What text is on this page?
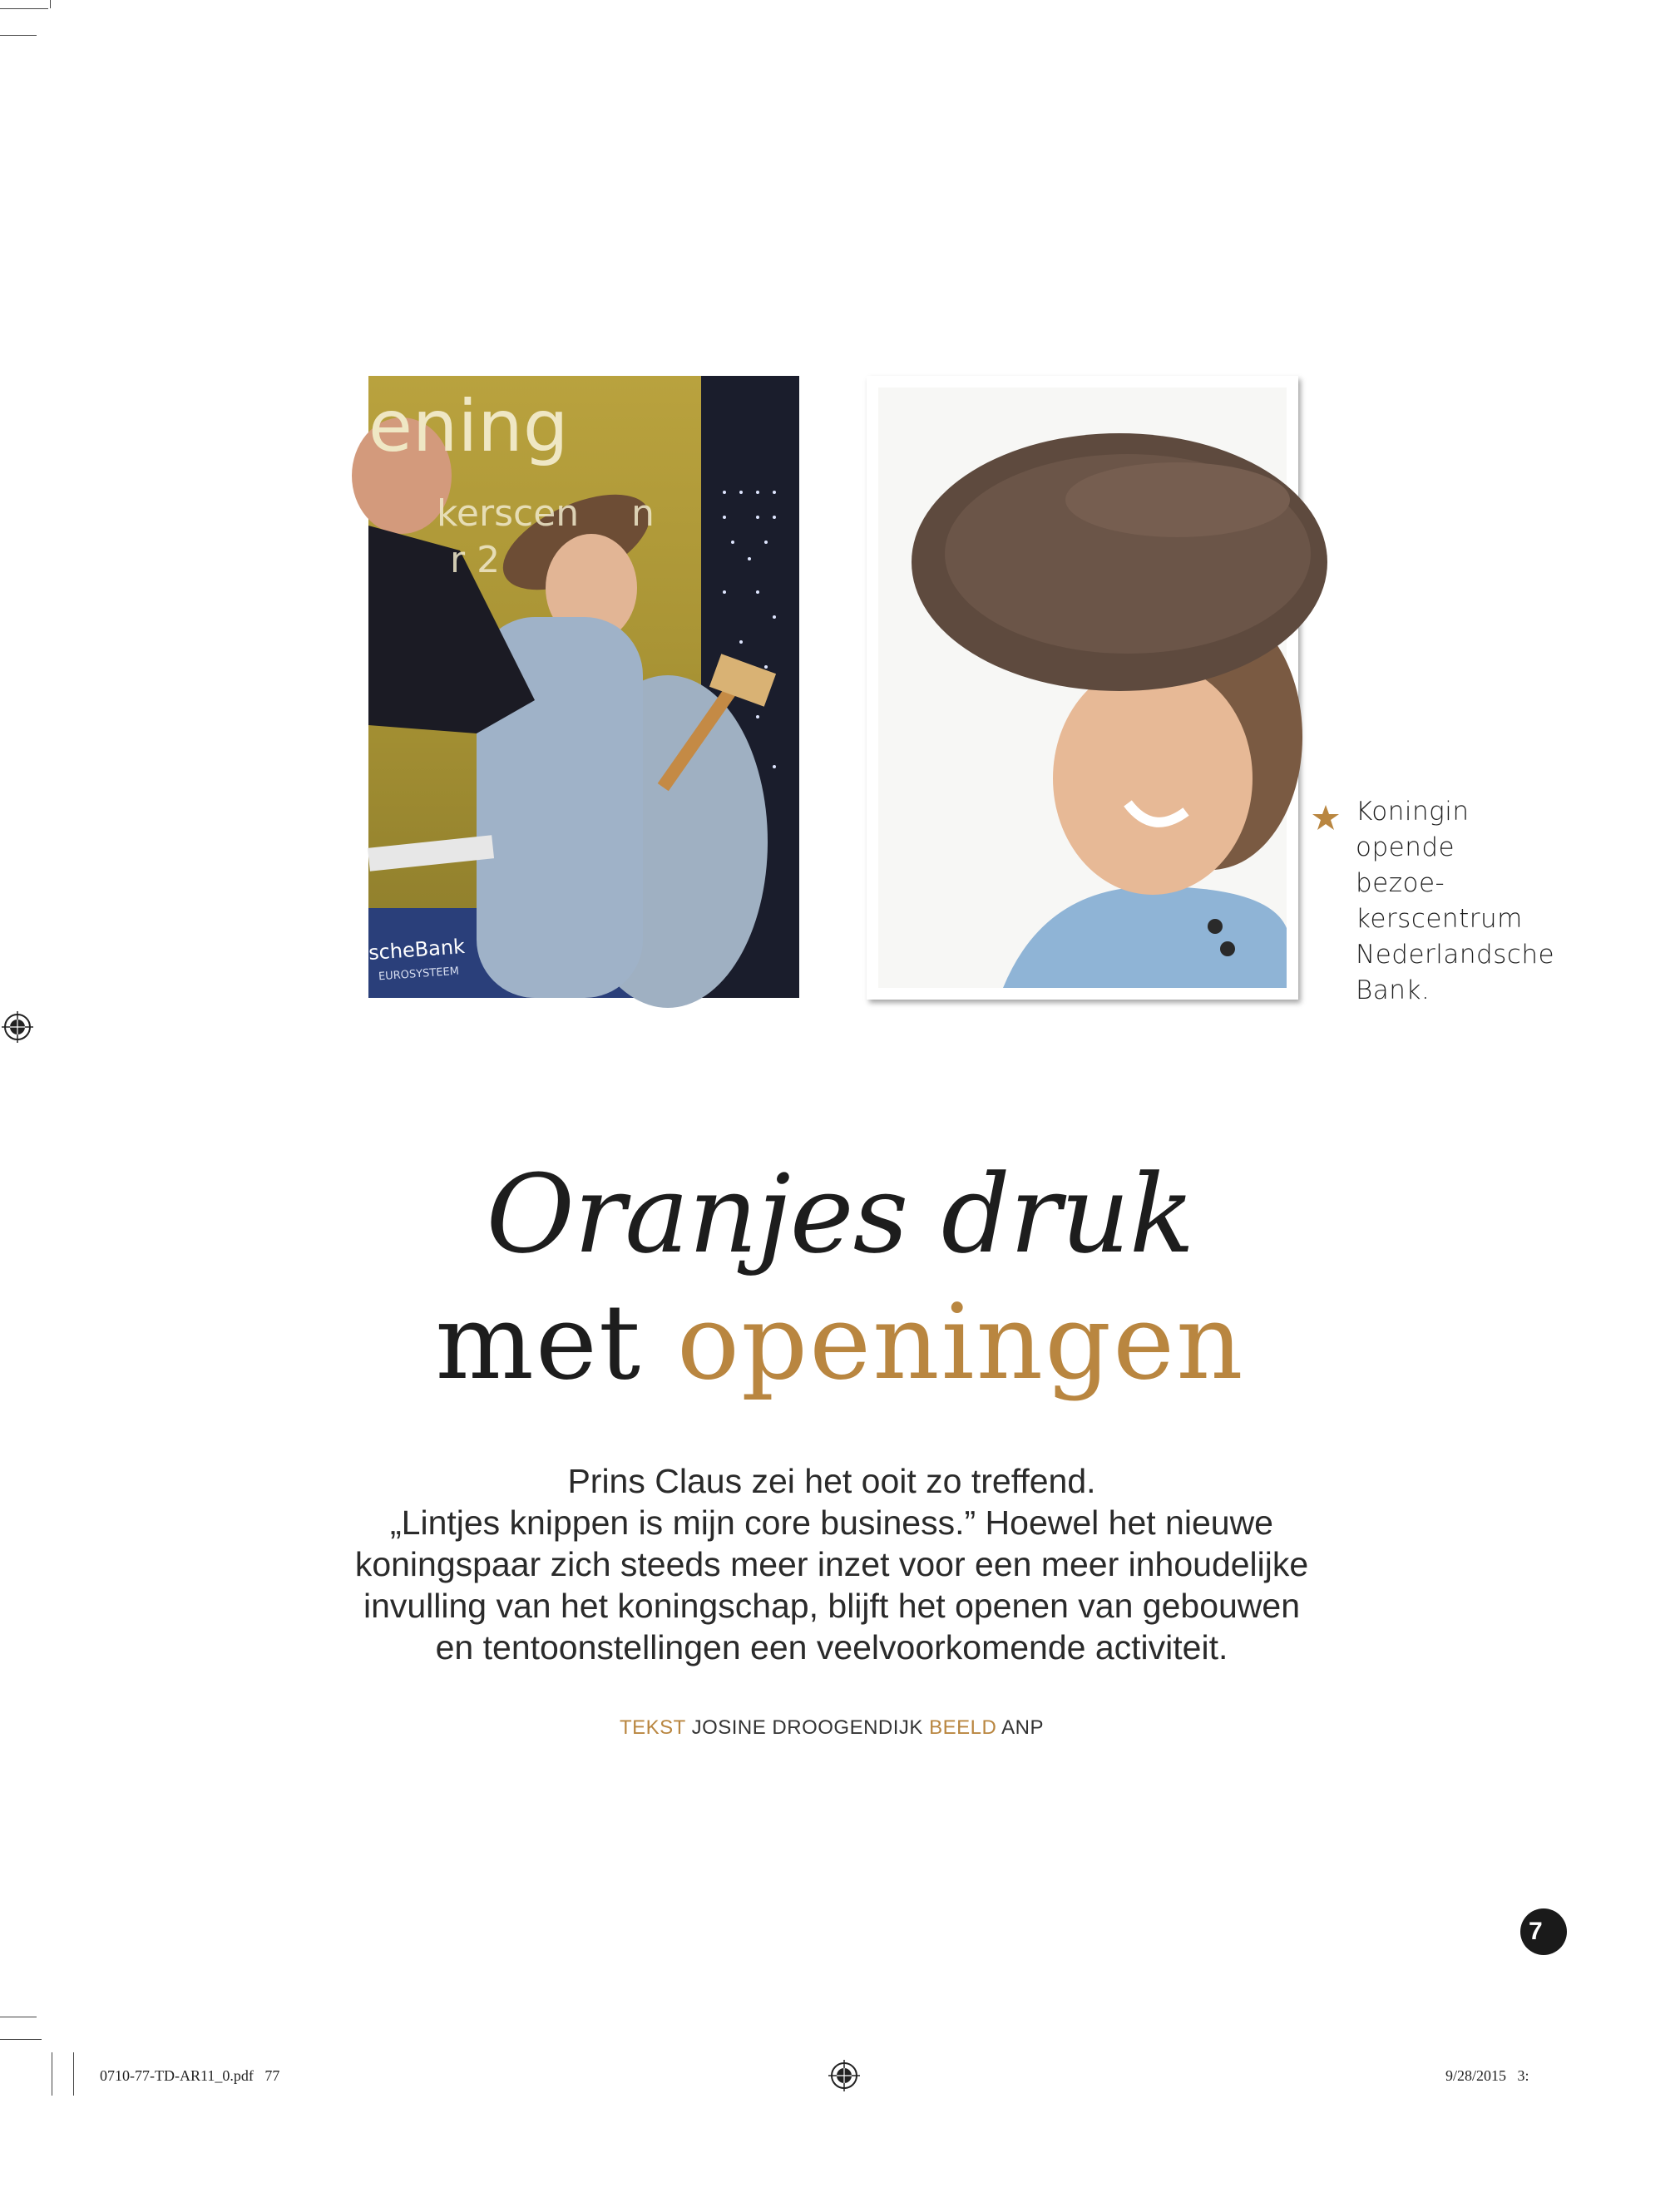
ening
kerscen n
r 2
scheBank
EUROSYSTEEM
Koningin
opende bezoe-
kerscentrum
Nederlandsche
Bank.
Oranjes druk
met openingen
Prins Claus zei het ooit zo treffend.
„Lintjes knippen is mijn core business.” Hoewel het nieuwe
koningspaar zich steeds meer inzet voor een meer inhoudelijke
invulling van het koningschap, blijft het openen van gebouwen
en tentoonstellingen een veelvoorkomende activiteit.
TEKST JOSINE DROOGENDIJK BEELD ANP
7
0710-77-TD-AR11_0.pdf 77	9/28/2015 3:
